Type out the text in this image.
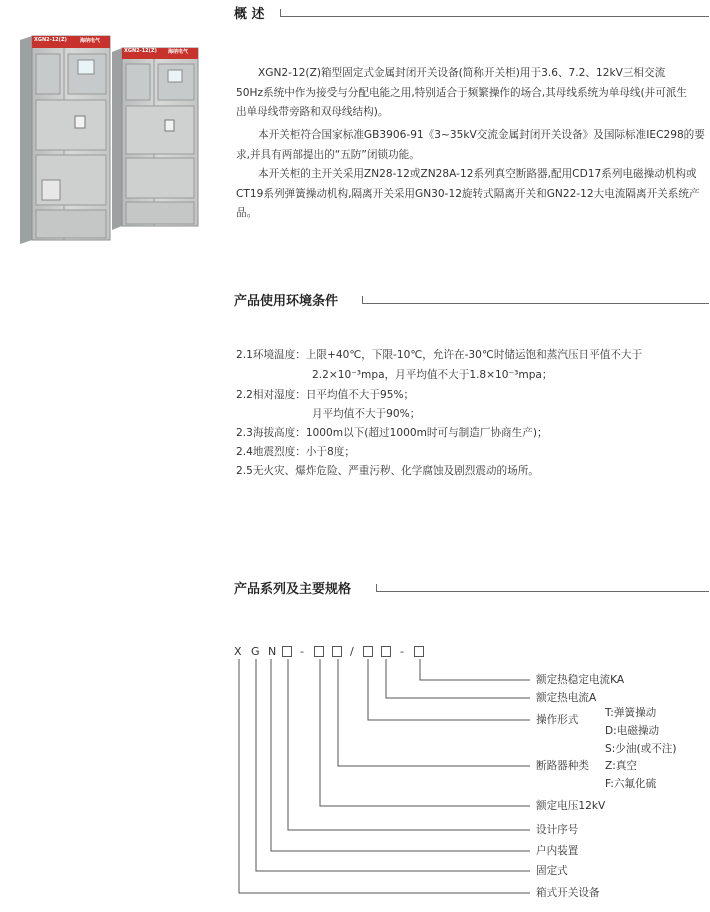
XGN2-12(Z)	海纳电气
XGN2-12(Z) 海纳电气
概 述
XGN2-12(Z)箱型固定式金属封闭开关设备(简称开关柜)用于3.6、7.2、12kV三相交流50Hz系统中作为接受与分配电能之用,特别适合于频繁操作的场合,其母线系统为单母线(并可派生出单母线带旁路和双母线结构)。
本开关柜符合国家标准GB3906-91《3~35kV交流金属封闭开关设备》及国际标准IEC298的要求,并具有两部提出的“五防”闭锁功能。
本开关柜的主开关采用ZN28-12或ZN28A-12系列真空断路器,配用CD17系列电磁操动机构或CT19系列弹簧操动机构,隔离开关采用GN30-12旋转式隔离开关和GN22-12大电流隔离开关系统产品。
产品使用环境条件
2.1环境温度：上限+40℃，下限-10℃，允许在-30℃时储运饱和蒸汽压日平值不大于
2.2×10⁻³mpa，月平均值不大于1.8×10⁻³mpa；
2.2相对湿度：日平均值不大于95%；
月平均值不大于90%；
2.3海拔高度：1000m以下(超过1000m时可与制造厂协商生产)；
2.4地震烈度：小于8度；
2.5无火灾、爆炸危险、严重污秽、化学腐蚀及剧烈震动的场所。
产品系列及主要规格
X G N -	/	-
额定热稳定电流KA
额定热电流A
操作形式
T:弹簧操动
D:电磁操动
S:少油(或不注)
断路器种类 Z:真空
F:六氟化硫
额定电压12kV
设计序号
户内装置
固定式
箱式开关设备
